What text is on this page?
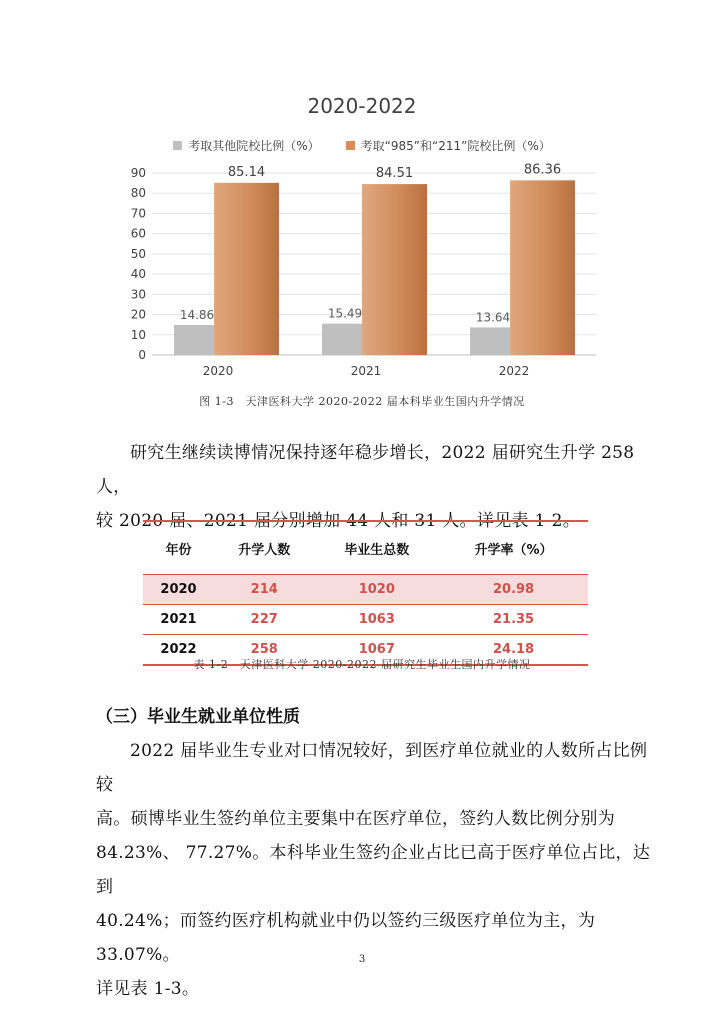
2020-2022
考取其他院校比例（%）	考取“985”和“211”院校比例（%）
0
10
20
30
40
50
60
70
80
90
14.86
85.14
2020
15.49
84.51
2021
13.64
86.36
2022
图 1-3　天津医科大学 2020-2022 届本科毕业生国内升学情况
研究生继续读博情况保持逐年稳步增长，2022 届研究生升学 258 人，
较 2020 届、2021 届分别增加 44 人和 31 人。详见表 1-2。
年份	升学人数	毕业生总数	升学率（%）
2020	214	1020	20.98
2021	227	1063	21.35
2022	258	1067	24.18
表 1-2　天津医科大学 2020-2022 届研究生毕业生国内升学情况
（三）毕业生就业单位性质
2022 届毕业生专业对口情况较好，到医疗单位就业的人数所占比例较
高。硕博毕业生签约单位主要集中在医疗单位，签约人数比例分别为
84.23%、 77.27%。本科毕业生签约企业占比已高于医疗单位占比，达到
40.24%；而签约医疗机构就业中仍以签约三级医疗单位为主，为 33.07%。
详见表 1-3。
3
